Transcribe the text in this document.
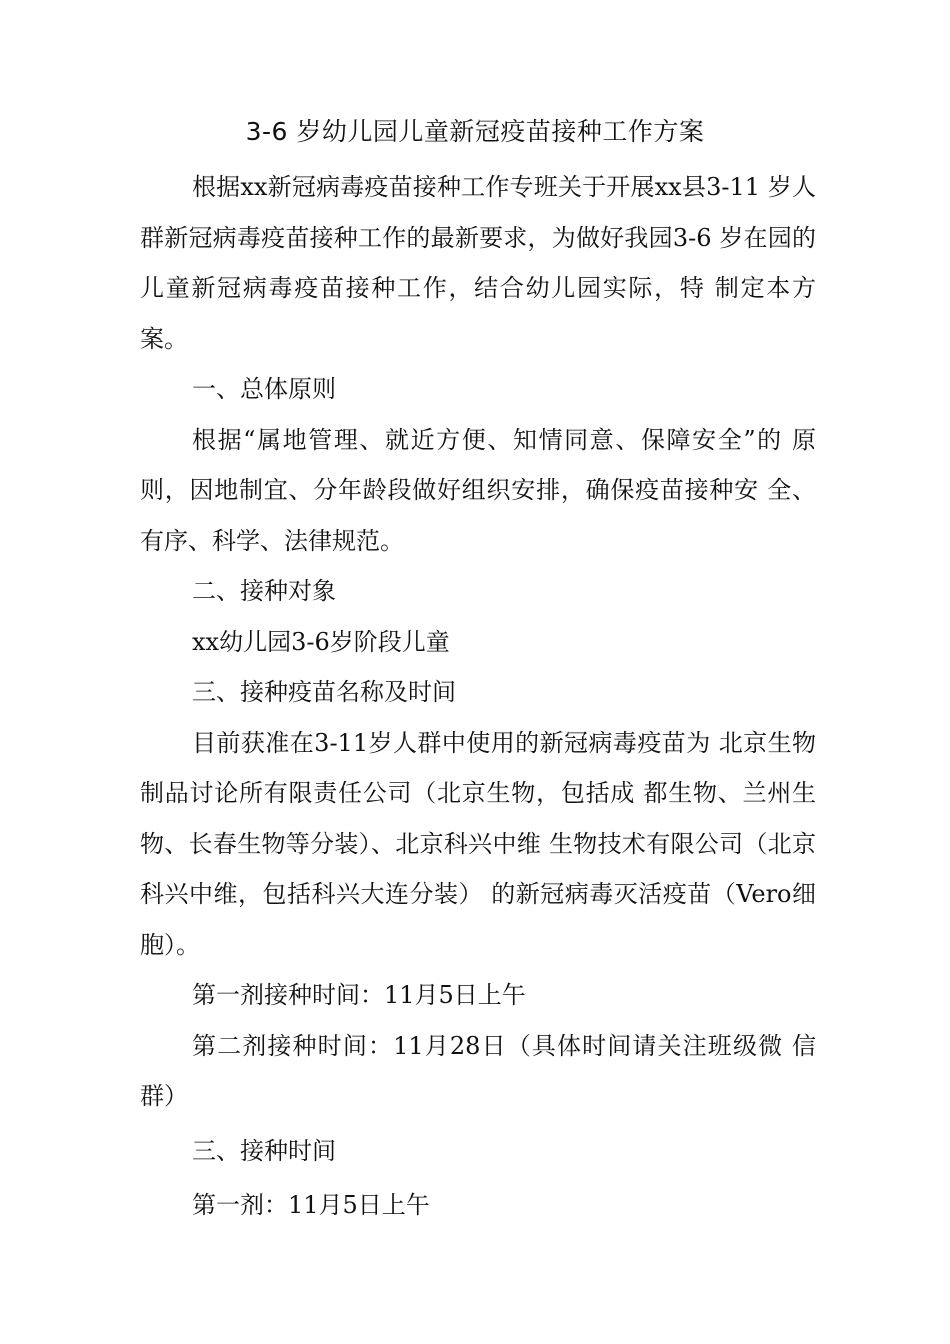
3-6 岁幼儿园儿童新冠疫苗接种工作方案

根据xx新冠病毒疫苗接种工作专班关于开展xx县3-11 岁人群新冠病毒疫苗接种工作的最新要求，为做好我园3-6 岁在园的儿童新冠病毒疫苗接种工作，结合幼儿园实际，特 制定本方案。

一、总体原则

根据“属地管理、就近方便、知情同意、保障安全”的 原则，因地制宜、分年龄段做好组织安排，确保疫苗接种安 全、有序、科学、法律规范。

二、接种对象

xx幼儿园3-6岁阶段儿童

三、接种疫苗名称及时间

目前获准在3-11岁人群中使用的新冠病毒疫苗为 北京生物制品讨论所有限责任公司（北京生物，包括成 都生物、兰州生物、长春生物等分装）、北京科兴中维 生物技术有限公司（北京科兴中维，包括科兴大连分装） 的新冠病毒灭活疫苗（Vero细胞）。

第一剂接种时间：11月5日上午

第二剂接种时间：11月28日（具体时间请关注班级微 信群）

三、接种时间

第一剂：11月5日上午
